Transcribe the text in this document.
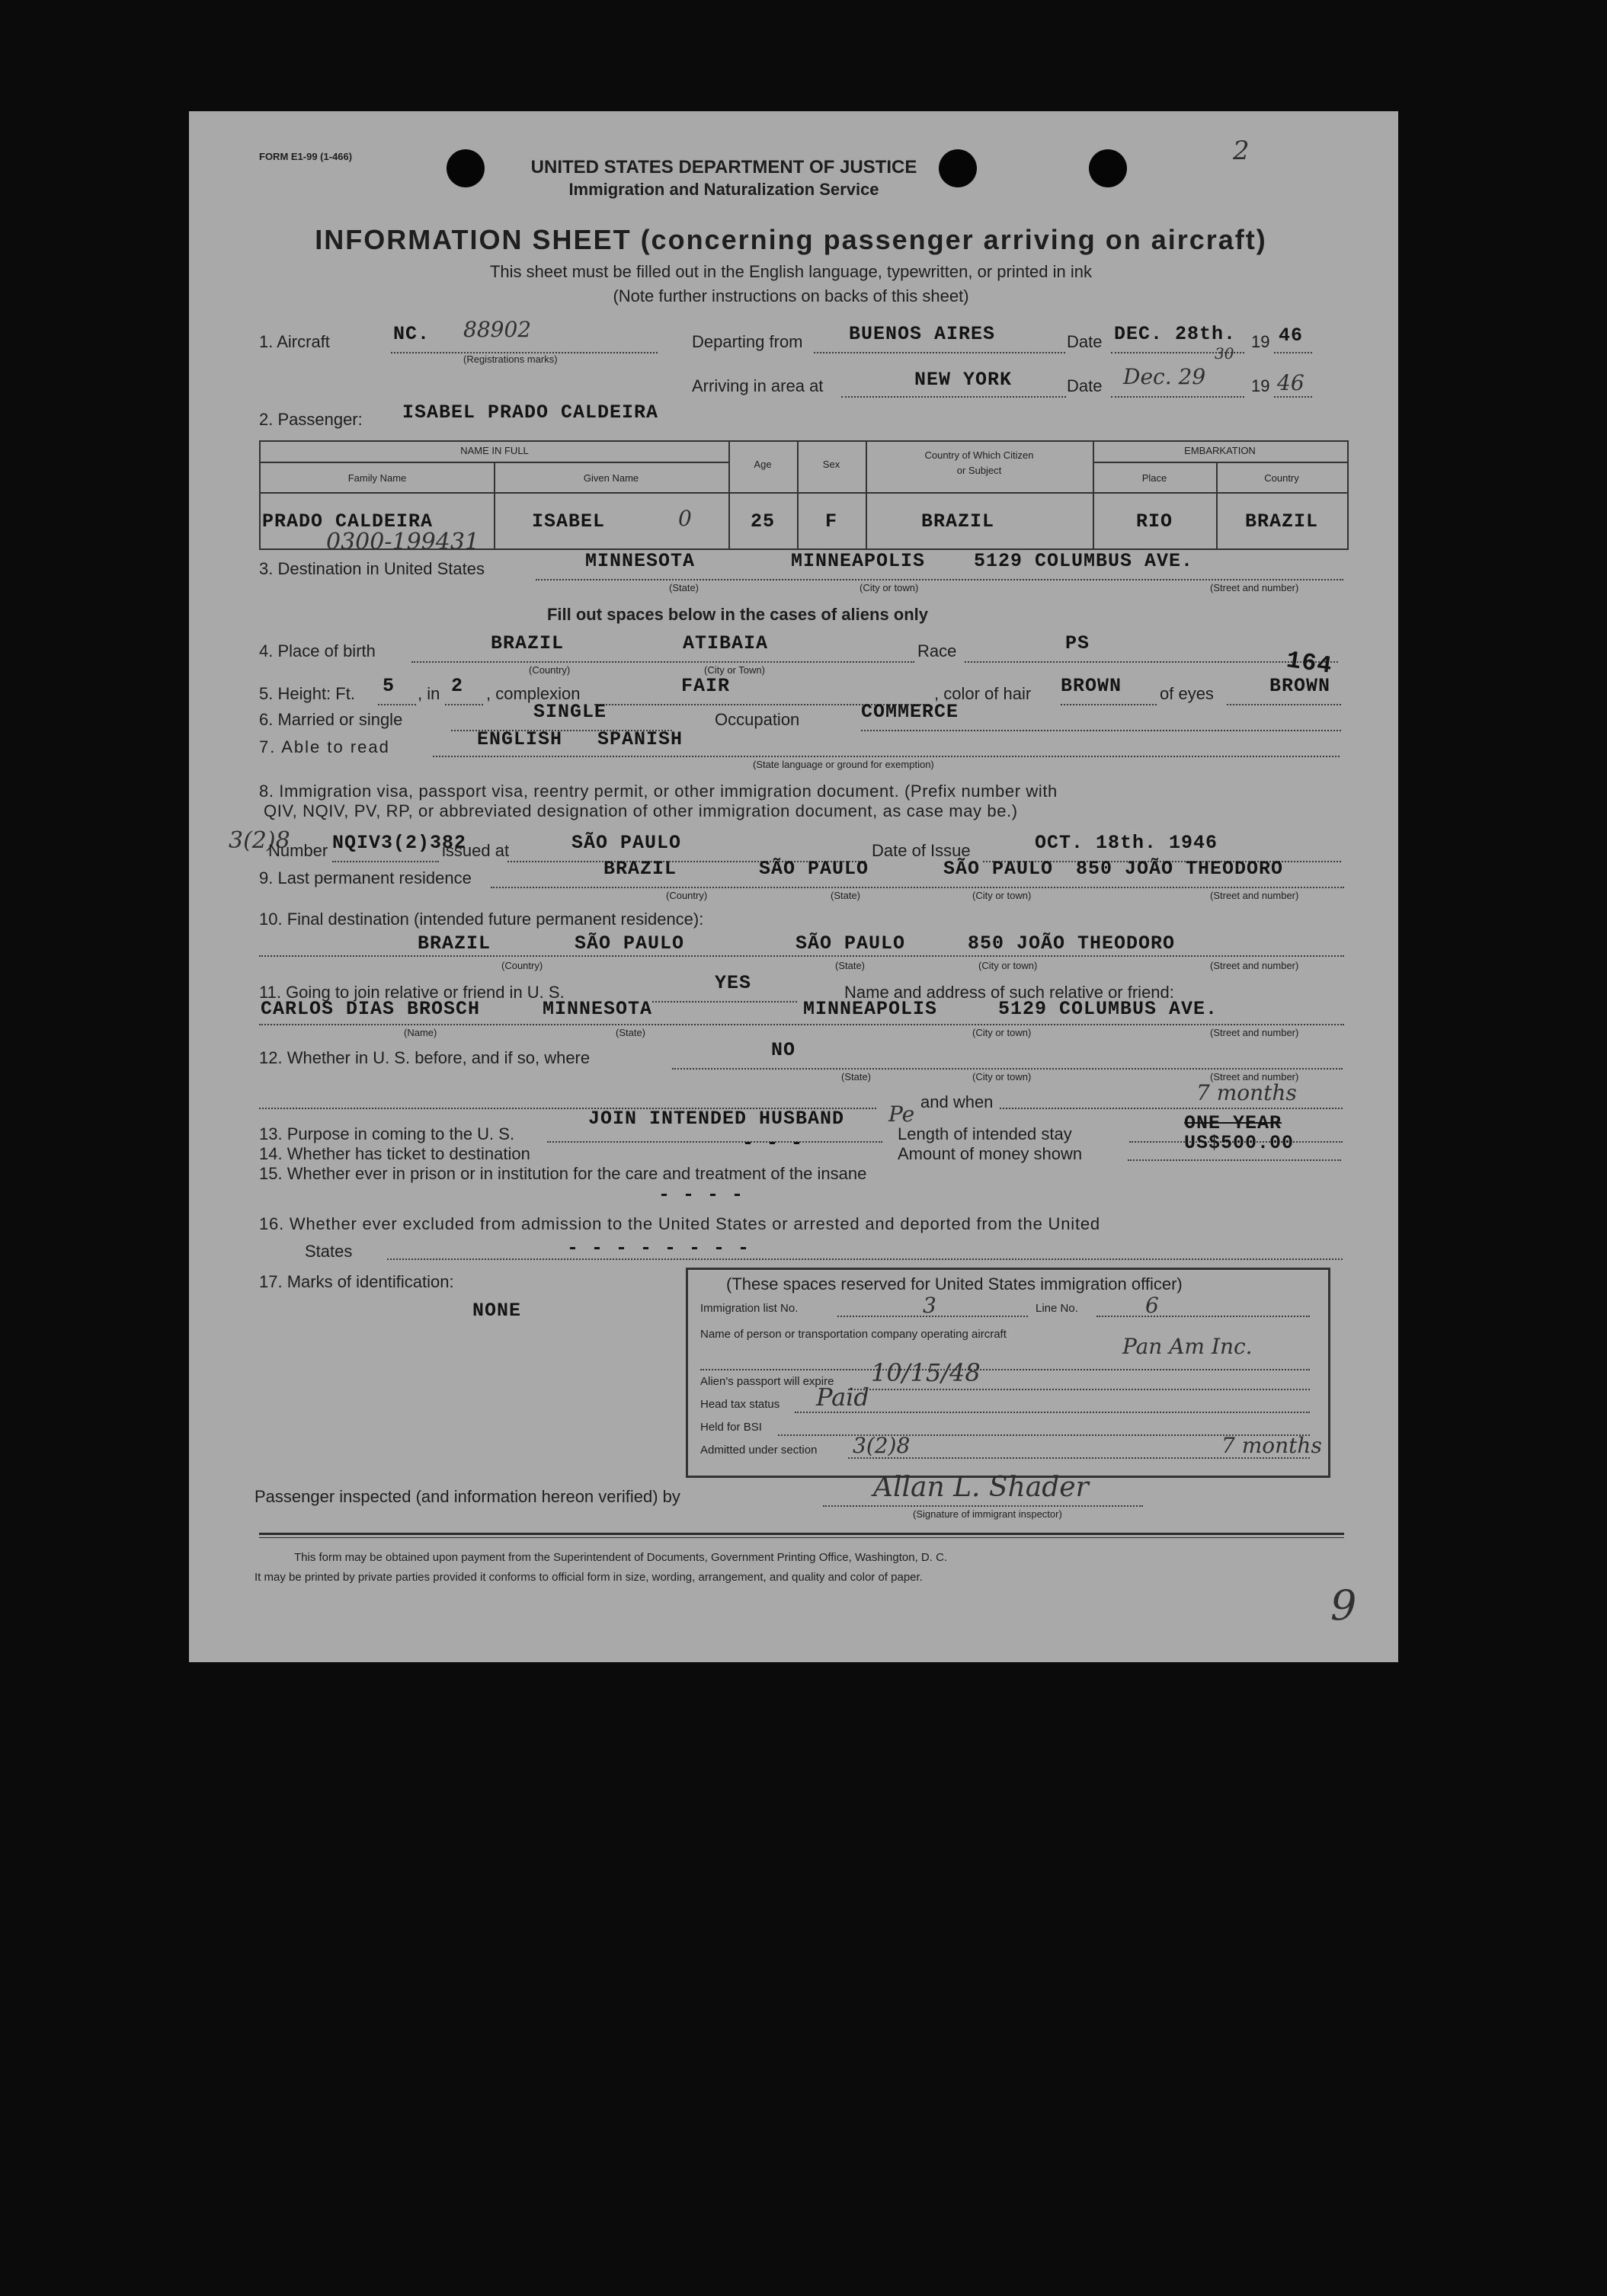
FORM E1-99 (1-466)	2
UNITED STATES DEPARTMENT OF JUSTICE
Immigration and Naturalization Service
INFORMATION SHEET (concerning passenger arriving on aircraft)
This sheet must be filled out in the English language, typewritten, or printed in ink
(Note further instructions on backs of this sheet)
1. Aircraft	NC. 88902
(Registrations marks)
Departing from BUENOS AIRES	Date DEC. 28th. 19 46
Arriving in area at	NEW YORK	Date Dec. 29
30
19 46
2. Passenger: ISABEL PRADO CALDEIRA
NAME IN FULL
Family Name	Given Name
Age	Sex
Country of Which Citizen
or Subject
EMBARKATION
Place	Country
PRADO CALDEIRA	ISABEL	0	25	F	BRAZIL	RIO	BRAZIL
0300-199431
3. Destination in United States	MINNESOTA	MINNEAPOLIS	5129 COLUMBUS AVE.
(State)	(City or town)	(Street and number)
Fill out spaces below in the cases of aliens only
4. Place of birth	BRAZIL	ATIBAIA
(Country)	(City or Town)
Race	PS
164
5. Height: Ft. 5 , in 2 , complexion	FAIR	, color of hair BROWN of eyes	BROWN
6. Married or single	SINGLE	Occupation	COMMERCE
7. Able to read	ENGLISH SPANISH
(State language or ground for exemption)
8. Immigration visa, passport visa, reentry permit, or other immigration document. (Prefix number with
QIV, NQIV, PV, RP, or abbreviated designation of other immigration document, as case may be.)
3(2)8
Number NQIV3(2)382
issued at	SÃO PAULO	Date of Issue	OCT. 18th. 1946
9. Last permanent residence	BRAZIL	SÃO PAULO	SÃO PAULO 850 JOÃO THEODORO
(Country)	(State)	(City or town)	(Street and number)
10. Final destination (intended future permanent residence):
BRAZIL	SÃO PAULO	SÃO PAULO	850 JOÃO THEODORO
(Country)	(State)	(City or town)	(Street and number)
11. Going to join relative or friend in U. S.	YES	Name and address of such relative or friend:
CARLOS DIAS BROSCH	MINNESOTA	MINNEAPOLIS	5129 COLUMBUS AVE.
(Name)	(State)	(City or town)	(Street and number)
12. Whether in U. S. before, and if so, where	NO
(State)	(City or town)	(Street and number)
and when
JOIN INTENDED HUSBAND Pe
13. Purpose in coming to the U. S.	Length of intended stay	ONE YEAR
7 months
14. Whether has ticket to destination	- - -	Amount of money shown	US$500.00
15. Whether ever in prison or in institution for the care and treatment of the insane
- - - -
16. Whether ever excluded from admission to the United States or arrested and deported from the United
States	- - - - - - - -
17. Marks of identification:
NONE
(These spaces reserved for United States immigration officer)
Immigration list No.	3	Line No.	6
Name of person or transportation company operating aircraft	Pan Am Inc.
Alien's passport will expire 10/15/48
Head tax status Paid
Held for BSI
Admitted under section 3(2)8	7 months
Passenger inspected (and information hereon verified) by	Allan L. Shader
(Signature of immigrant inspector)
This form may be obtained upon payment from the Superintendent of Documents, Government Printing Office, Washington, D. C.
It may be printed by private parties provided it conforms to official form in size, wording, arrangement, and quality and color of paper.
9
